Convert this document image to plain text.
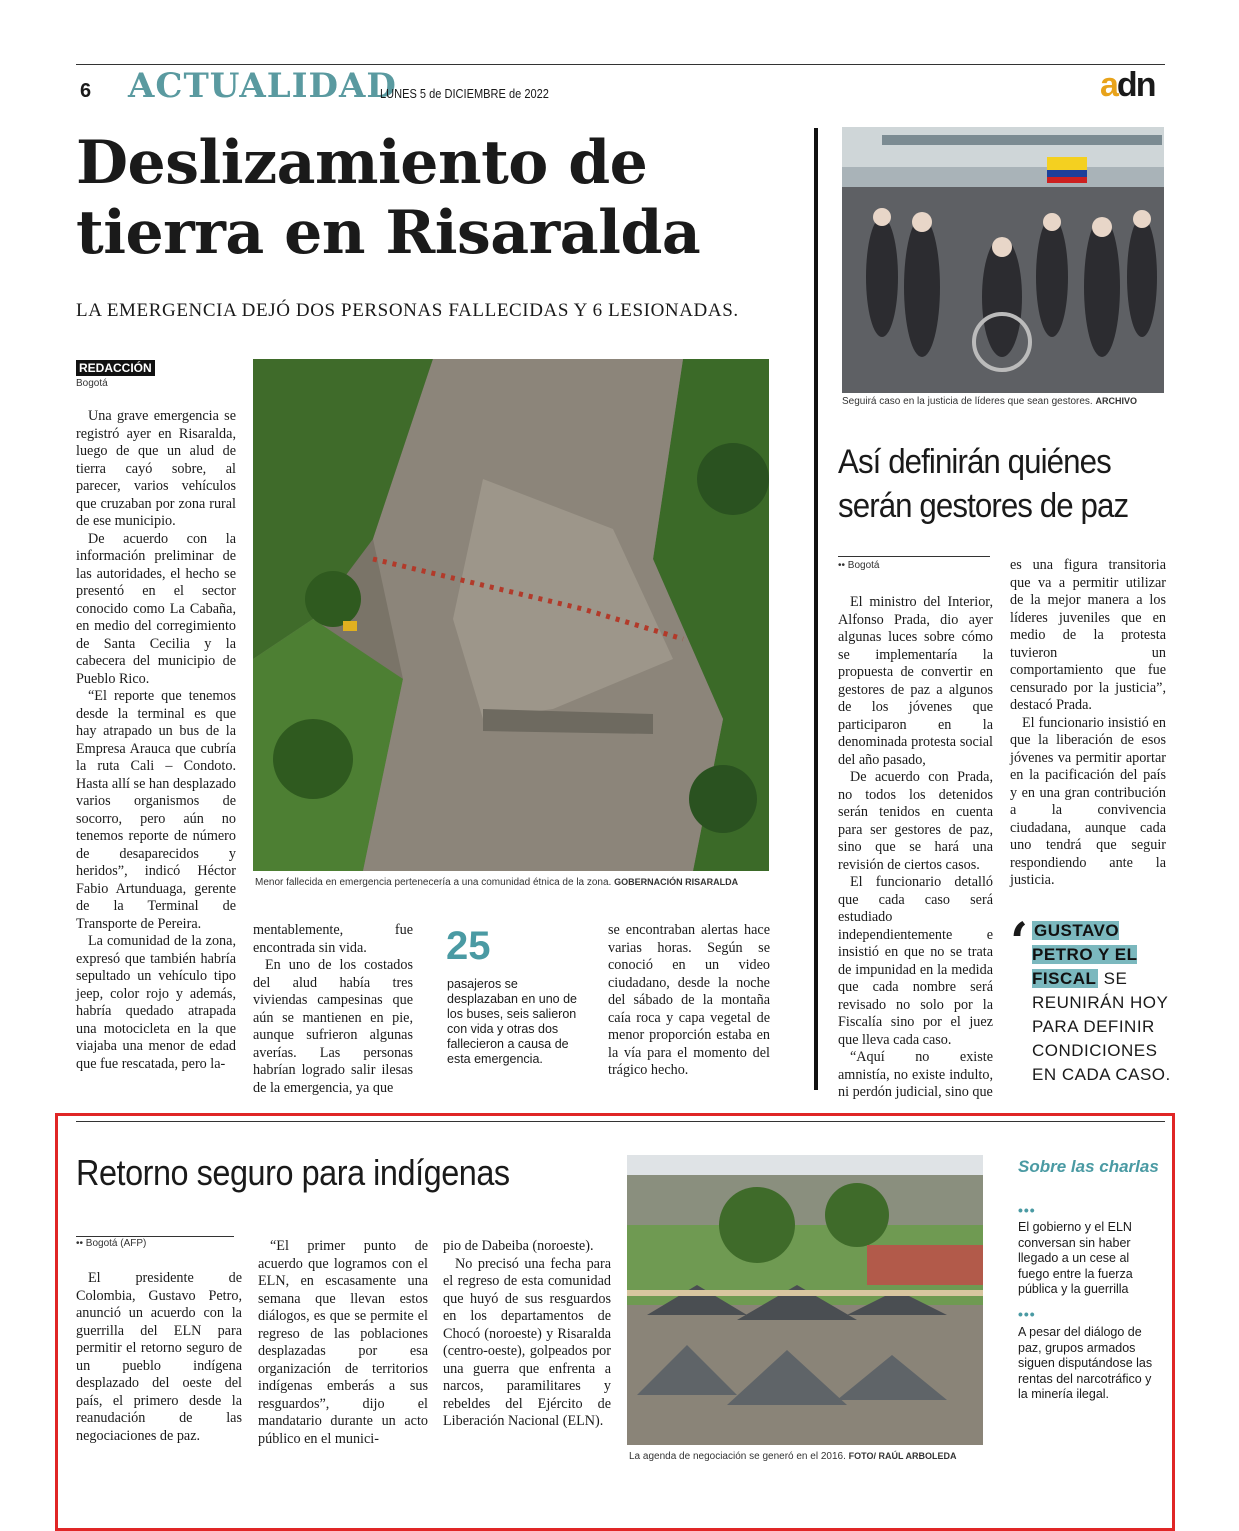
6 ACTUALIDAD
LUNES 5 de DICIEMBRE de 2022	adn
Deslizamiento de
tierra en Risaralda
LA EMERGENCIA DEJÓ DOS PERSONAS FALLECIDAS Y 6 LESIONADAS.
REDACCIÓN
Bogotá

Una grave emergencia se registró ayer en Risaralda, luego de que un alud de tierra cayó sobre, al parecer, varios vehículos que cruzaban por zona rural de ese municipio.

De acuerdo con la información preliminar de las autoridades, el hecho se presentó en el sector conocido como La Cabaña, en medio del corregimiento de Santa Cecilia y la cabecera del municipio de Pueblo Rico.

“El reporte que tenemos desde la terminal es que hay atrapado un bus de la Empresa Arauca que cubría la ruta Cali – Condoto. Hasta allí se han desplazado varios organismos de socorro, pero aún no tenemos reporte de número de desaparecidos y heridos”, indicó Héctor Fabio Artunduaga, gerente de la Terminal de Transporte de Pereira.

La comunidad de la zona, expresó que también habría sepultado un vehículo tipo jeep, color rojo y además, habría quedado atrapada una motocicleta en la que viajaba una menor de edad que fue rescatada, pero la-

Menor fallecida en emergencia pertenecería a una comunidad étnica de la zona. GOBERNACIÓN RISARALDA

mentablemente, fue encontrada sin vida.

En uno de los costados del alud había tres viviendas campesinas que aún se mantienen en pie, aunque sufrieron algunas averías. Las personas habrían logrado salir ilesas de la emergencia, ya que

25
pasajeros se desplazaban en uno de los buses, seis salieron con vida y otras dos fallecieron a causa de esta emergencia.

se encontraban alertas hace varias horas. Según se conoció en un video ciudadano, desde la noche del sábado de la montaña caía roca y capa vegetal de menor proporción estaba en la vía para el momento del trágico hecho.

Seguirá caso en la justicia de líderes que sean gestores. ARCHIVO
Así definirán quiénes serán gestores de paz
•• Bogotá

El ministro del Interior, Alfonso Prada, dio ayer algunas luces sobre cómo se implementaría la propuesta de convertir en gestores de paz a algunos de los jóvenes que participaron en la denominada protesta social del año pasado,

De acuerdo con Prada, no todos los detenidos serán tenidos en cuenta para ser gestores de paz, sino que se hará una revisión de ciertos casos.

El funcionario detalló que cada caso será estudiado independientemente e insistió en que no se trata de impunidad en la medida que cada nombre será revisado no solo por la Fiscalía sino por el juez que lleva cada caso.

“Aquí no existe amnistía, no existe indulto, ni perdón judicial, sino que

es una figura transitoria que va a permitir utilizar de la mejor manera a los líderes juveniles que en medio de la protesta tuvieron un comportamiento que fue censurado por la justicia”, destacó Prada.

El funcionario insistió en que la liberación de esos jóvenes va permitir aportar en la pacificación del país y en una gran contribución a la convivencia ciudadana, aunque cada uno tendrá que seguir respondiendo ante la justicia.

‘ GUSTAVO PETRO Y EL FISCAL SE REUNIRÁN HOY PARA DEFINIR CONDICIONES EN CADA CASO.
Retorno seguro para indígenas
•• Bogotá (AFP)

El presidente de Colombia, Gustavo Petro, anunció un acuerdo con la guerrilla del ELN para permitir el retorno seguro de un pueblo indígena desplazado del oeste del país, el primero desde la reanudación de las negociaciones de paz.

“El primer punto de acuerdo que logramos con el ELN, en escasamente una semana que llevan estos diálogos, es que se permite el regreso de las poblaciones desplazadas por esa organización de territorios indígenas emberás a sus resguardos”, dijo el mandatario durante un acto público en el munici-

pio de Dabeiba (noroeste).

No precisó una fecha para el regreso de esta comunidad que huyó de sus resguardos en los departamentos de Chocó (noroeste) y Risaralda (centro-oeste), golpeados por una guerra que enfrenta a narcos, paramilitares y rebeldes del Ejército de Liberación Nacional (ELN).

La agenda de negociación se generó en el 2016. FOTO/ RAÚL ARBOLEDA
Sobre las charlas
•••
El gobierno y el ELN conversan sin haber llegado a un cese al fuego entre la fuerza pública y la guerrilla
•••
A pesar del diálogo de paz, grupos armados siguen disputándose las rentas del narcotráfico y la minería ilegal.
